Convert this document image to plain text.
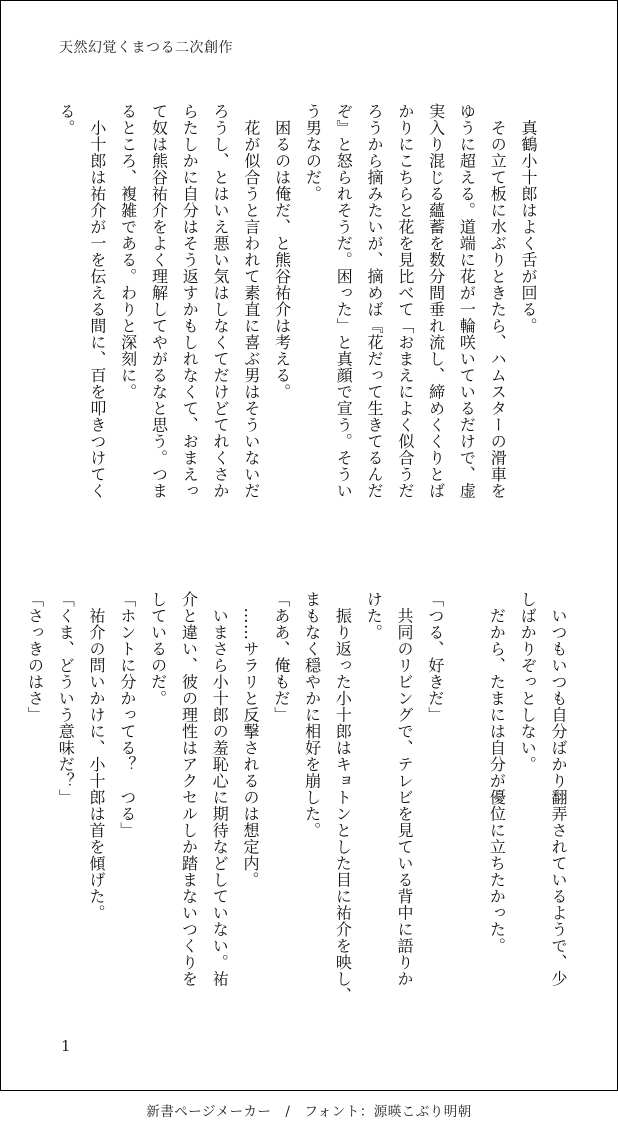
天然幻覚くまつる二次創作
　真鶴小十郎はよく舌が回る。
　その立て板に水ぶりときたら、ハムスターの滑車を
ゆうに超える。道端に花が一輪咲いているだけで、虚
実入り混じる蘊蓄を数分間垂れ流し、締めくくりとば
かりにこちらと花を見比べて「おまえによく似合うだ
ろうから摘みたいが、摘めば『花だって生きてるんだ
ぞ』と怒られそうだ。困った」と真顔で宣う。そうい
う男なのだ。
　困るのは俺だ、と熊谷祐介は考える。
　花が似合うと言われて素直に喜ぶ男はそういないだ
ろうし、とはいえ悪い気はしなくてだけどてれくさか
らたしかに自分はそう返すかもしれなくて、おまえっ
て奴は熊谷祐介をよく理解してやがるなと思う。つま
るところ、複雑である。わりと深刻に。
　小十郎は祐介が一を伝える間に、百を叩きつけてく
る。
　いつもいつも自分ばかり翻弄されているようで、少
しばかりぞっとしない。
　だから、たまには自分が優位に立ちたかった。
「つる、好きだ」
　共同のリビングで、テレビを見ている背中に語りか
けた。
　振り返った小十郎はキョトンとした目に祐介を映し、
まもなく穏やかに相好を崩した。
「ああ、俺もだ」
　……サラリと反撃されるのは想定内。
　いまさら小十郎の羞恥心に期待などしていない。祐
介と違い、彼の理性はアクセルしか踏まないつくりを
しているのだ。
「ホントに分かってる？　つる」
　祐介の問いかけに、小十郎は首を傾げた。
「くま、どういう意味だ？」
「さっきのはさ」
1
新書ページメーカー　/　フォント：源暎こぶり明朝
